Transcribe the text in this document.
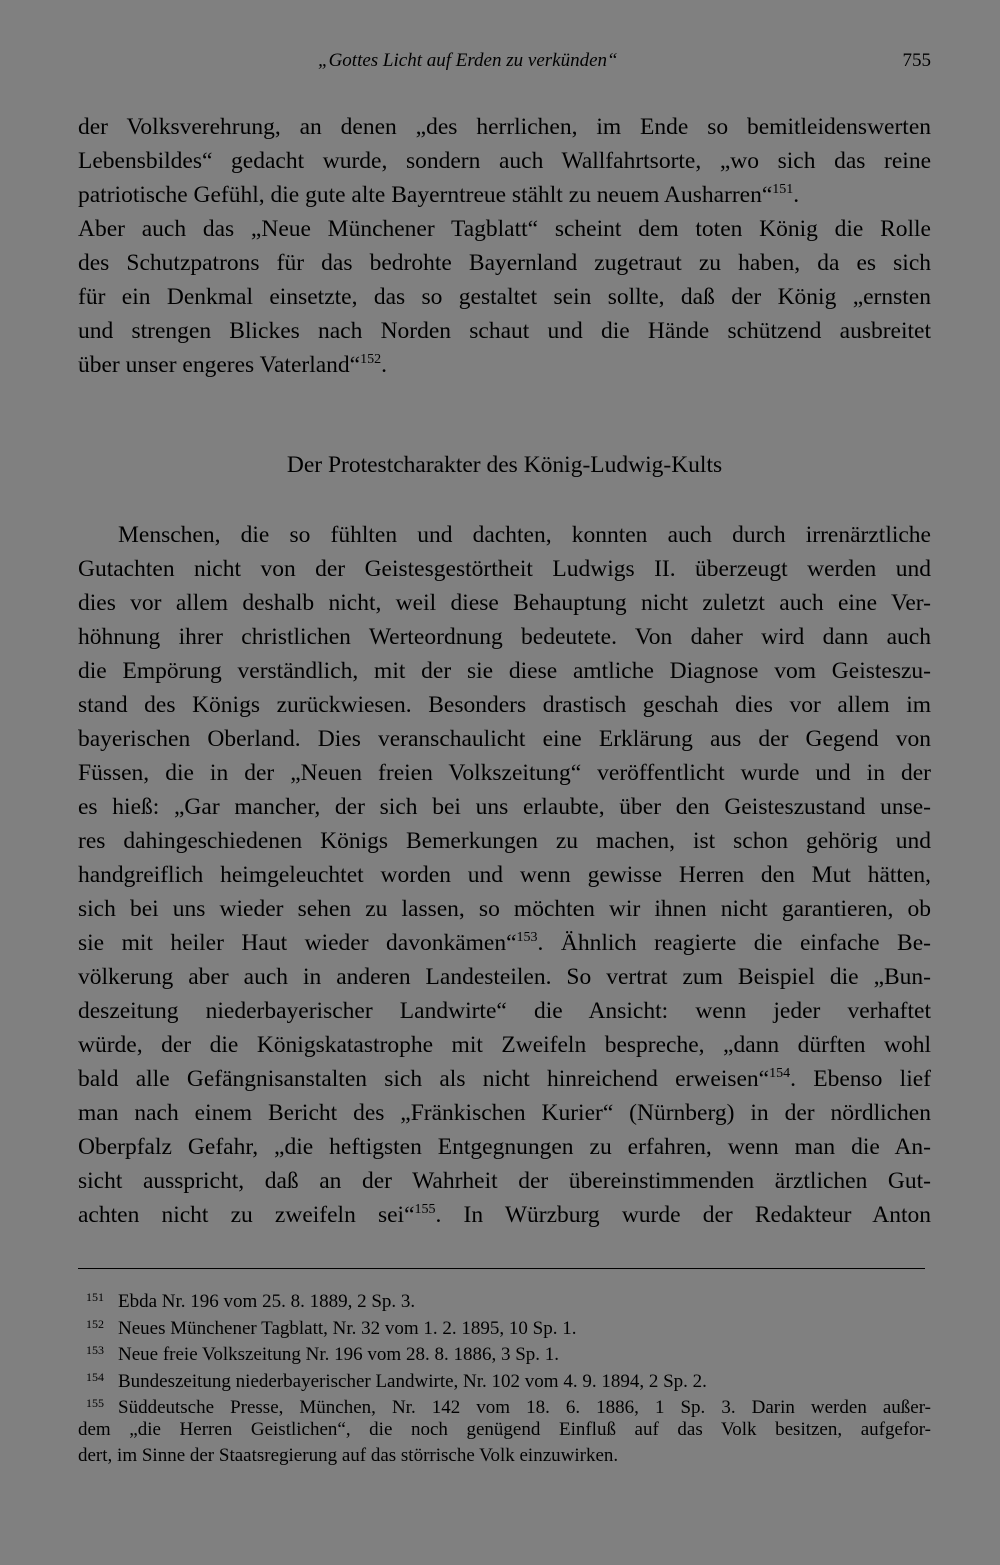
„Gottes Licht auf Erden zu verkünden“	755
der Volksverehrung, an denen „des herrlichen, im Ende so bemitleidenswerten
Lebensbildes“ gedacht wurde, sondern auch Wallfahrtsorte, „wo sich das reine
patriotische Gefühl, die gute alte Bayerntreue stählt zu neuem Ausharren“$^{151}$.
Aber auch das „Neue Münchener Tagblatt“ scheint dem toten König die Rolle
des Schutzpatrons für das bedrohte Bayernland zugetraut zu haben, da es sich
für ein Denkmal einsetzte, das so gestaltet sein sollte, daß der König „ernsten
und strengen Blickes nach Norden schaut und die Hände schützend ausbreitet
über unser engeres Vaterland“$^{152}$.
Der Protestcharakter des König-Ludwig-Kults
Menschen, die so fühlten und dachten, konnten auch durch irrenärztliche
Gutachten nicht von der Geistesgestörtheit Ludwigs II. überzeugt werden und
dies vor allem deshalb nicht, weil diese Behauptung nicht zuletzt auch eine Ver-
höhnung ihrer christlichen Werteordnung bedeutete. Von daher wird dann auch
die Empörung verständlich, mit der sie diese amtliche Diagnose vom Geisteszu-
stand des Königs zurückwiesen. Besonders drastisch geschah dies vor allem im
bayerischen Oberland. Dies veranschaulicht eine Erklärung aus der Gegend von
Füssen, die in der „Neuen freien Volkszeitung“ veröffentlicht wurde und in der
es hieß: „Gar mancher, der sich bei uns erlaubte, über den Geisteszustand unse-
res dahingeschiedenen Königs Bemerkungen zu machen, ist schon gehörig und
handgreiflich heimgeleuchtet worden und wenn gewisse Herren den Mut hätten,
sich bei uns wieder sehen zu lassen, so möchten wir ihnen nicht garantieren, ob
sie mit heiler Haut wieder davonkämen“$^{153}$. Ähnlich reagierte die einfache Be-
völkerung aber auch in anderen Landesteilen. So vertrat zum Beispiel die „Bun-
deszeitung niederbayerischer Landwirte“ die Ansicht: wenn jeder verhaftet
würde, der die Königskatastrophe mit Zweifeln bespreche, „dann dürften wohl
bald alle Gefängnisanstalten sich als nicht hinreichend erweisen“$^{154}$. Ebenso lief
man nach einem Bericht des „Fränkischen Kurier“ (Nürnberg) in der nördlichen
Oberpfalz Gefahr, „die heftigsten Entgegnungen zu erfahren, wenn man die An-
sicht ausspricht, daß an der Wahrheit der übereinstimmenden ärztlichen Gut-
achten nicht zu zweifeln sei“$^{155}$. In Würzburg wurde der Redakteur Anton
151 Ebda Nr. 196 vom 25. 8. 1889, 2 Sp. 3.
152 Neues Münchener Tagblatt, Nr. 32 vom 1. 2. 1895, 10 Sp. 1.
153 Neue freie Volkszeitung Nr. 196 vom 28. 8. 1886, 3 Sp. 1.
154 Bundeszeitung niederbayerischer Landwirte, Nr. 102 vom 4. 9. 1894, 2 Sp. 2.
155 Süddeutsche Presse, München, Nr. 142 vom 18. 6. 1886, 1 Sp. 3. Darin werden außer-
dem „die Herren Geistlichen“, die noch genügend Einfluß auf das Volk besitzen, aufgefor-
dert, im Sinne der Staatsregierung auf das störrische Volk einzuwirken.
